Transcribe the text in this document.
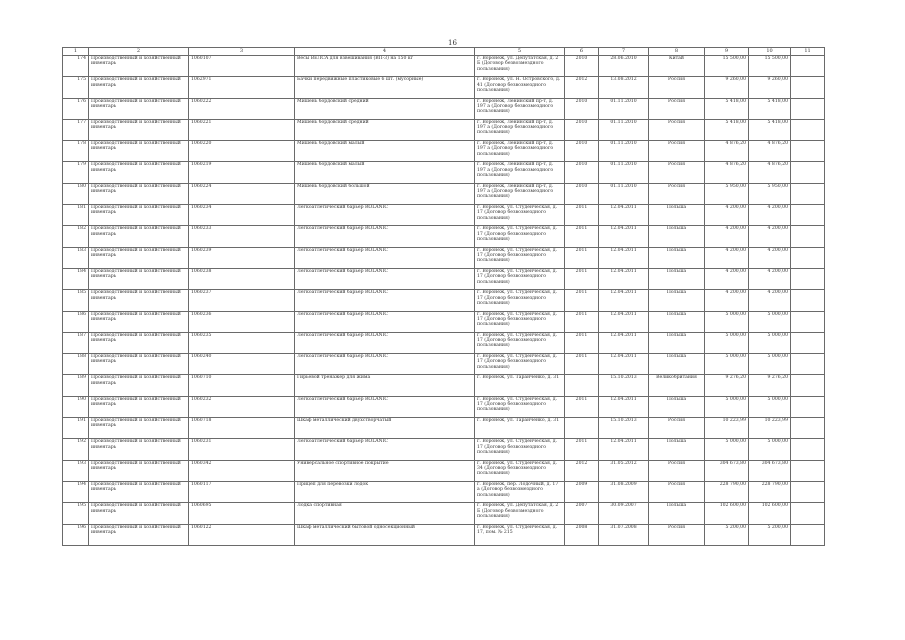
16
1	2	3	4	5	6	7	8	9	10	11
174	Производственный и хозяйственный инвентарь	1060107	Весы ВЕЛСА для взвешивания (ВП-3) на 150 кг	г. Воронеж, ул. Депутатская, д. 2 Б (Договор безвозмездного пользования)	2010	28.06.2010	Китай	15 500,00	15 500,00	
175	Производственный и хозяйственный инвентарь	1062971	Бачки передвижные пластиковые 6 шт. (мусорные)	г. Воронеж, ул. Н. Островского, д. 41 (Договор безвозмездного пользования)	2012	13.08.2012	Россия	9 260,00	9 260,00	
176	Производственный и хозяйственный инвентарь	1060222	Мишень бордовский средний	г. Воронеж, Ленинский пр-т, д. 197 а (Договор безвозмездного пользования)	2010	01.11.2010	Россия	5 418,00	5 418,00	
177	Производственный и хозяйственный инвентарь	1060221	Мишень бордовский средний	г. Воронеж, Ленинский пр-т, д. 197 а (Договор безвозмездного пользования)	2010	01.11.2010	Россия	5 418,00	5 418,00	
178	Производственный и хозяйственный инвентарь	1060220	Мишень бордовский малый	г. Воронеж, Ленинский пр-т, д. 197 а (Договор безвозмездного пользования)	2010	01.11.2010	Россия	4 876,20	4 876,20	
179	Производственный и хозяйственный инвентарь	1060219	Мишень бордовский малый	г. Воронеж, Ленинский пр-т, д. 197 а (Договор безвозмездного пользования)	2010	01.11.2010	Россия	4 876,20	4 876,20	
180	Производственный и хозяйственный инвентарь	1060224	Мишень бордовский большой	г. Воронеж, Ленинский пр-т, д. 197 а (Договор безвозмездного пользования)	2010	01.11.2010	Россия	5 950,00	5 950,00	
181	Производственный и хозяйственный инвентарь	1060234	Легкоатлетический барьер ROLANIC	г. Воронеж, ул. Студенческая, д. 17 (Договор безвозмездного пользования)	2011	12.04.2011	Польша	4 200,00	4 200,00	
182	Производственный и хозяйственный инвентарь	1060233	Легкоатлетический барьер ROLANIC	г. Воронеж, ул. Студенческая, д. 17 (Договор безвозмездного пользования)	2011	12.04.2011	Польша	4 200,00	4 200,00	
183	Производственный и хозяйственный инвентарь	1060239	Легкоатлетический барьер ROLANIC	г. Воронеж, ул. Студенческая, д. 17 (Договор безвозмездного пользования)	2011	12.04.2011	Польша	4 200,00	4 200,00	
184	Производственный и хозяйственный инвентарь	1060238	Легкоатлетический барьер ROLANIC	г. Воронеж, ул. Студенческая, д. 17 (Договор безвозмездного пользования)	2011	12.04.2011	Польша	4 200,00	4 200,00	
185	Производственный и хозяйственный инвентарь	1060237	Легкоатлетический барьер ROLANIC	г. Воронеж, ул. Студенческая, д. 17 (Договор безвозмездного пользования)	2011	12.04.2011	Польша	4 200,00	4 200,00	
186	Производственный и хозяйственный инвентарь	1060236	Легкоатлетический барьер ROLANIC	г. Воронеж, ул. Студенческая, д. 17 (Договор безвозмездного пользования)	2011	12.04.2011	Польша	5 000,00	5 000,00	
187	Производственный и хозяйственный инвентарь	1060235	Легкоатлетический барьер ROLANIC	г. Воронеж, ул. Студенческая, д. 17 (Договор безвозмездного пользования)	2011	12.04.2011	Польша	5 000,00	5 000,00	
188	Производственный и хозяйственный инвентарь	1060240	Легкоатлетический барьер ROLANIC	г. Воронеж, ул. Студенческая, д. 17 (Договор безвозмездного пользования)	2011	12.04.2011	Польша	5 000,00	5 000,00	
189	Производственный и хозяйственный инвентарь	1060710	Гирьевой тренажёр для жима	г. Воронеж, ул. Таранченко, д. 31		15.10.2013	Великобритания	9 276,20	9 276,20	
190	Производственный и хозяйственный инвентарь	1060232	Легкоатлетический барьер ROLANIC	г. Воронеж, ул. Студенческая, д. 17 (Договор безвозмездного пользования)	2011	12.04.2011	Польша	5 000,00	5 000,00	
191	Производственный и хозяйственный инвентарь	1060718	Шкаф металлический двухстворчатый	г. Воронеж, ул. Таранченко, д. 31		15.10.2013	Россия	10 223,99	10 223,99	
192	Производственный и хозяйственный инвентарь	1060231	Легкоатлетический барьер ROLANIC	г. Воронеж, ул. Студенческая, д. 17 (Договор безвозмездного пользования)	2011	12.04.2011	Польша	5 000,00	5 000,00	
193	Производственный и хозяйственный инвентарь	1060342	Универсальное спортивное покрытие	г. Воронеж, ул. Студенческая, д. 34 (Договор безвозмездного пользования)	2012	31.05.2012	Россия	304 673,80	304 673,80	
194	Производственный и хозяйственный инвентарь	1060117	Прицеп для перевозки лодок	г. Воронеж, пер. Лодочный, д. 17 а (Договор безвозмездного пользования)	2009	31.08.2009	Россия	228 790,00	228 790,00	
195	Производственный и хозяйственный инвентарь	1060695	Лодка спортивная	г. Воронеж, ул. Депутатская, д. 2 Б (Договор безвозмездного пользования)	2007	30.09.2007	Польша	102 600,00	102 600,00	
196	Производственный и хозяйственный инвентарь	1060122	Шкаф металлический бытовой односекционный	г. Воронеж, ул. Студенческая, д. 17, пом. № 215	2008	31.07.2008	Россия	5 200,00	5 200,00	
